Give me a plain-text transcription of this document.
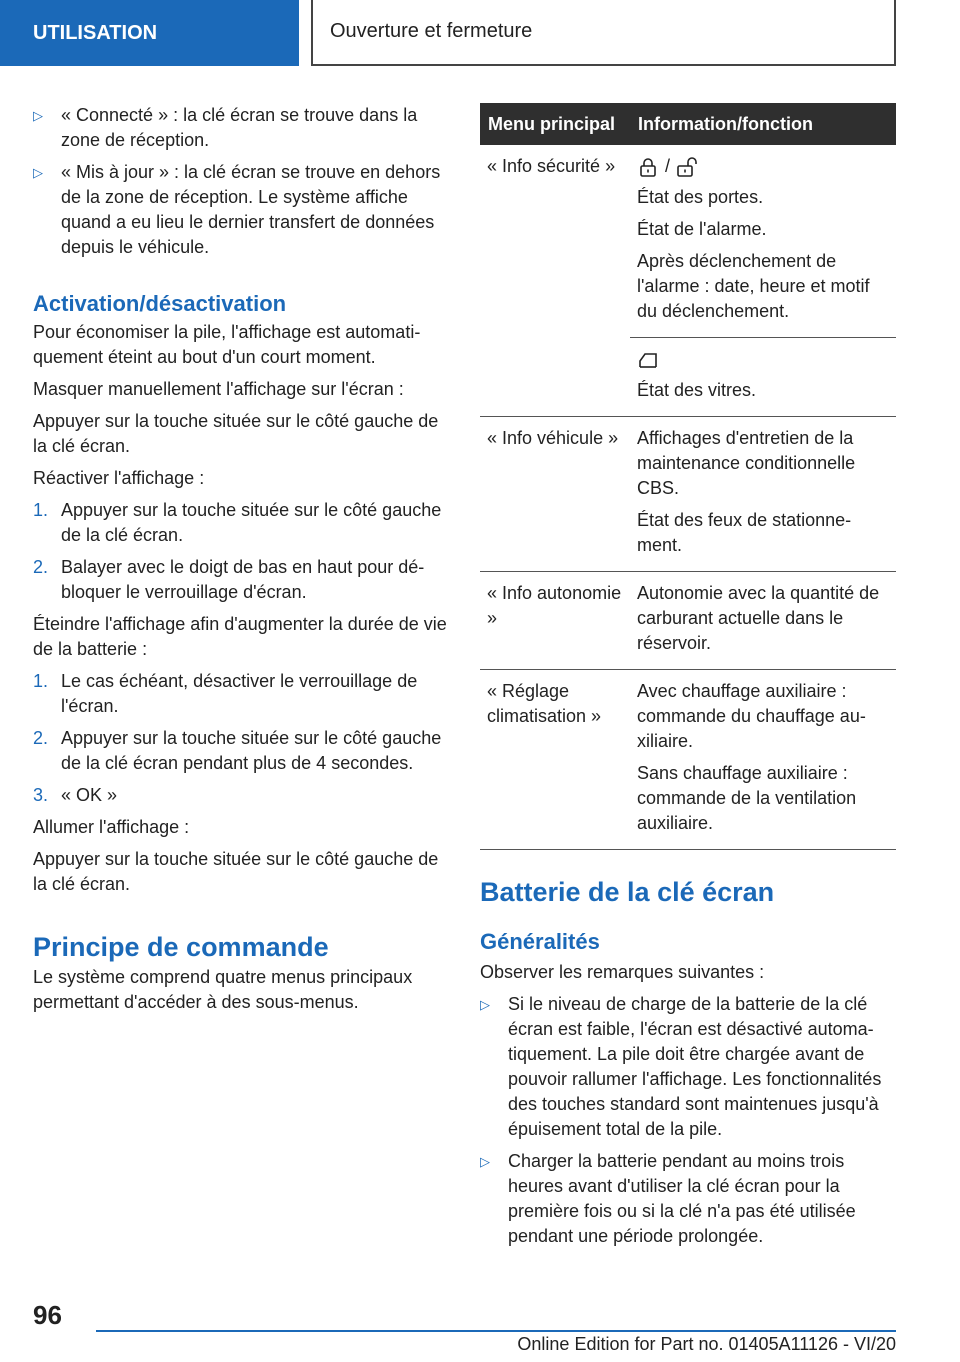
UTILISATION	Ouverture et fermeture
▷	« Connecté » : la clé écran se trouve dans la zone de réception.
▷	« Mis à jour » : la clé écran se trouve en dehors de la zone de réception. Le système affiche quand a eu lieu le dernier transfert de données depuis le véhicule.
Activation/désactivation

Pour économiser la pile, l'affichage est automatiquement éteint au bout d'un court moment.

Masquer manuellement l'affichage sur l'écran :

Appuyer sur la touche située sur le côté gauche de la clé écran.

Réactiver l'affichage :

1. Appuyer sur la touche située sur le côté gauche de la clé écran.
2. Balayer avec le doigt de bas en haut pour débloquer le verrouillage d'écran.

Éteindre l'affichage afin d'augmenter la durée de vie de la batterie :

1. Le cas échéant, désactiver le verrouillage de l'écran.
2. Appuyer sur la touche située sur le côté gauche de la clé écran pendant plus de 4 secondes.
3. « OK »

Allumer l'affichage :

Appuyer sur la touche située sur le côté gauche de la clé écran.

Principe de commande

Le système comprend quatre menus principaux permettant d'accéder à des sous-menus.

Menu principal	Information/fonction
« Info sécurité »	/

État des portes.

État de l'alarme.

Après déclenchement de l'alarme : date, heure et motif du déclenchement.

	État des vitres.

« Info véhicule »	Affichages d'entretien de la maintenance conditionnelle CBS.

État des feux de stationnement.

« Info autonomie »	Autonomie avec la quantité de carburant actuelle dans le réservoir.

« Réglage climatisation »	Avec chauffage auxiliaire : commande du chauffage auxiliaire.

Sans chauffage auxiliaire : commande de la ventilation auxiliaire.

Batterie de la clé écran
Généralités

Observer les remarques suivantes :

▷	Si le niveau de charge de la batterie de la clé écran est faible, l'écran est désactivé automatiquement. La pile doit être chargée avant de pouvoir rallumer l'affichage. Les fonctionnalités des touches standard sont maintenues jusqu'à épuisement total de la pile.
▷	Charger la batterie pendant au moins trois heures avant d'utiliser la clé écran pour la première fois ou si la clé n'a pas été utilisée pendant une période prolongée.
96
Online Edition for Part no. 01405A11126 - VI/20
